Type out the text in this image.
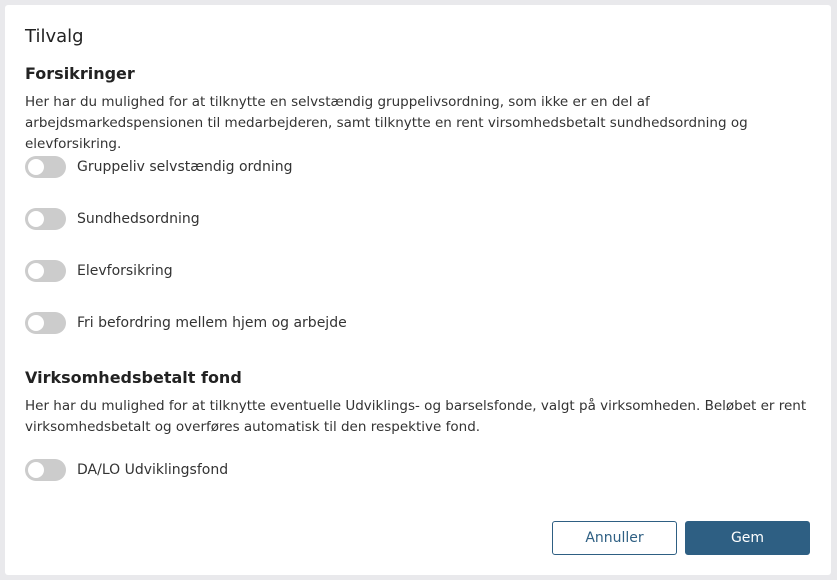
Tilvalg
Forsikringer

Her har du mulighed for at tilknytte en selvstændig gruppelivsordning, som ikke er en del af arbejdsmarkedspensionen til medarbejderen, samt tilknytte en rent virsomhedsbetalt sundhedsordning og elevforsikring.

Gruppeliv selvstændig ordning
Sundhedsordning
Elevforsikring
Fri befordring mellem hjem og arbejde
Virksomhedsbetalt fond

Her har du mulighed for at tilknytte eventuelle Udviklings- og barselsfonde, valgt på virksomheden. Beløbet er rent virksomhedsbetalt og overføres automatisk til den respektive fond.

DA/LO Udviklingsfond
Annuller	Gem
